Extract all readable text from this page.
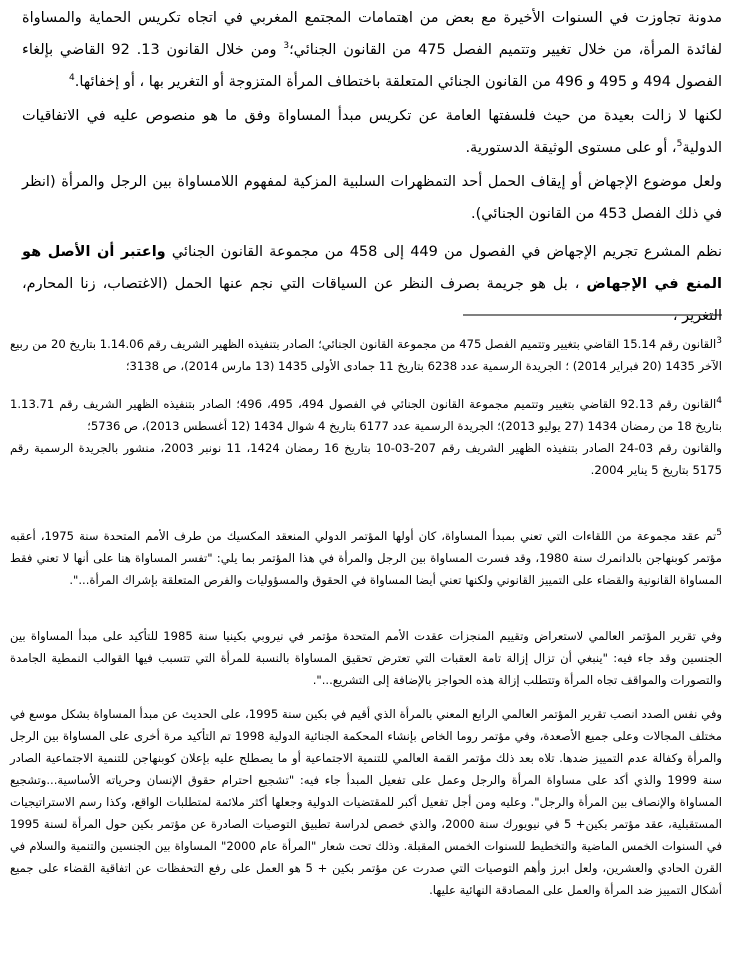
مدونة تجاوزت في السنوات الأخيرة مع بعض من اهتمامات المجتمع المغربي في اتجاه تكريس الحماية والمساواة لفائدة المرأة، من خلال تغيير وتتميم الفصل 475 من القانون الجنائي؛$^3$ ومن خلال القانون 13. 92 القاضي بإلغاء الفصول 494 و 495 و 496 من القانون الجنائي المتعلقة باختطاف المرأة المتزوجة أو التغرير بها ، أو إخفائها.$^4$
لكنها لا زالت بعيدة من حيث فلسفتها العامة عن تكريس مبدأ المساواة وفق ما هو منصوص عليه في الاتفاقيات الدولية$^5$، أو على مستوى الوثيقة الدستورية.
ولعل موضوع الإجهاض أو إيقاف الحمل أحد التمظهرات السلبية المزكية لمفهوم اللامساواة بين الرجل والمرأة (انظر في ذلك الفصل 453 من القانون الجنائي).
نظم المشرع تجريم الإجهاض في الفصول من 449 إلى 458 من مجموعة القانون الجنائي واعتبر أن الأصل هو المنع في الإجهاض ، بل هو جريمة بصرف النظر عن السياقات التي نجم عنها الحمل (الاغتصاب، زنا المحارم، التغرير ،
$^3$القانون رقم 15.14 القاضي بتغيير وتتميم الفصل 475 من مجموعة القانون الجنائي؛ الصادر بتنفيذه الظهير الشريف رقم 1.14.06 بتاريخ 20 من ربيع الآخر 1435 (20 فبراير 2014) ؛ الجريدة الرسمية عدد 6238 بتاريخ 11 جمادى الأولى 1435 (13 مارس 2014)، ص 3138؛
$^4$القانون رقم 92.13 القاضي بتغيير وتتميم مجموعة القانون الجنائي في الفصول 494، 495، 496؛ الصادر بتنفيذه الظهير الشريف رقم 1.13.71 بتاريخ 18 من رمضان 1434 (27 يوليو 2013)؛ الجريدة الرسمية عدد 6177 بتاريخ 4 شوال 1434 (12 أغسطس 2013)، ص 5736؛
والقانون رقم 03-24 الصادر بتنفيذه الظهير الشريف رقم 207-03-10 بتاريخ 16 رمضان 1424، 11 نونبر 2003، منشور بالجريدة الرسمية رقم 5175 بتاريخ 5 يناير 2004.
$^5$تم عقد مجموعة من اللقاءات التي تعني بمبدأ المساواة، كان أولها المؤتمر الدولي المنعقد المكسيك من طرف الأمم المتحدة سنة 1975، أعقبه مؤتمر كوبنهاجن بالدانمرك سنة 1980، وقد فسرت المساواة بين الرجل والمرأة في هذا المؤتمر بما يلي: "تفسر المساواة هنا على أنها لا تعني فقط المساواة القانونية والقضاء على التمييز القانوني ولكنها تعني أيضا المساواة في الحقوق والمسؤوليات والفرص المتعلقة بإشراك المرأة...".
وفي تقرير المؤتمر العالمي لاستعراض وتقييم المنجزات عقدت الأمم المتحدة مؤتمر في نيروبي بكينيا سنة 1985 للتأكيد على مبدأ المساواة بين الجنسين وقد جاء فيه: "ينبغي أن تزال إزالة تامة العقبات التي تعترض تحقيق المساواة بالنسبة للمرأة التي تتسبب فيها القوالب النمطية الجامدة والتصورات والمواقف تجاه المرأة وتتطلب إزالة هذه الحواجز بالإضافة إلى التشريع...".
وفي نفس الصدد انصب تقرير المؤتمر العالمي الرابع المعني بالمرأة الذي أقيم في بكين سنة 1995، على الحديث عن مبدأ المساواة بشكل موسع في مختلف المجالات وعلى جميع الأصعدة، وفي مؤتمر روما الخاص بإنشاء المحكمة الجنائية الدولية 1998 تم التأكيد مرة أخرى على المساواة بين الرجل والمرأة وكفالة عدم التمييز ضدها. تلاه بعد ذلك مؤتمر القمة العالمي للتنمية الاجتماعية أو ما يصطلح عليه بإعلان كوبنهاجن للتنمية الاجتماعية الصادر سنة 1999 والذي أكد على مساواة المرأة والرجل وعمل على تفعيل المبدأ جاء فيه: "تشجيع احترام حقوق الإنسان وحرياته الأساسية...وتشجيع المساواة والإنصاف بين المرأة والرجل". وعليه ومن أجل تفعيل أكبر للمقتضيات الدولية وجعلها أكثر ملائمة لمتطلبات الواقع، وكذا رسم الاستراتيجيات المستقبلية، عقد مؤتمر بكين+ 5 في نيويورك سنة 2000، والذي خصص لدراسة تطبيق التوصيات الصادرة عن مؤتمر بكين حول المرأة لسنة 1995 في السنوات الخمس الماضية والتخطيط للسنوات الخمس المقبلة. وذلك تحت شعار "المرأة عام 2000" المساواة بين الجنسين والتنمية والسلام في القرن الحادي والعشرين، ولعل ابرز وأهم التوصيات التي صدرت عن مؤتمر بكين + 5 هو العمل على رفع التحفظات عن اتفاقية القضاء على جميع أشكال التمييز ضد المرأة والعمل على المصادقة النهائية عليها.
